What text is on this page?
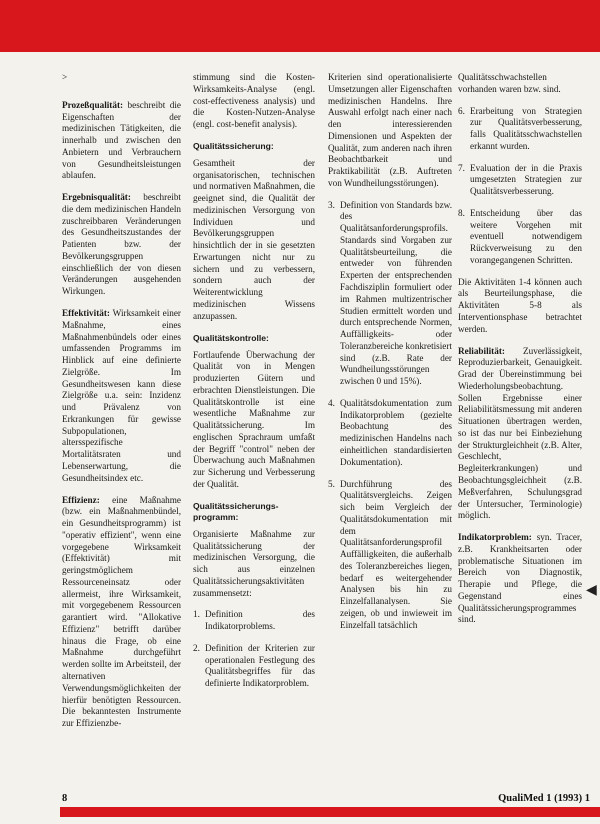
>

Prozeßqualität: beschreibt die Eigenschaften der medizinischen Tätigkeiten, die innerhalb und zwischen den Anbietern und Verbrauchern von Gesundheitsleistungen ablaufen.

Ergebnisqualität: beschreibt die dem medizinischen Handeln zuschreibbaren Veränderungen des Gesundheitszustandes der Patienten bzw. der Bevölkerungsgruppen einschließlich der von diesen Veränderungen ausgehenden Wirkungen.

Effektivität: Wirksamkeit einer Maßnahme, eines Maßnahmenbündels oder eines umfassenden Programms im Hinblick auf eine definierte Zielgröße. Im Gesundheitswesen kann diese Zielgröße u.a. sein: Inzidenz und Prävalenz von Erkrankungen für gewisse Subpopulationen, altersspezifische Mortalitätsraten und Lebenserwartung, die Gesundheitsindex etc.

Effizienz: eine Maßnahme (bzw. ein Maßnahmenbündel, ein Gesundheitsprogramm) ist "operativ effizient", wenn eine vorgegebene Wirksamkeit (Effektivität) mit geringstmöglichem Ressourceneinsatz oder allermeist, ihre Wirksamkeit, mit vorgegebenem Ressourcen garantiert wird. "Allokative Effizienz" betrifft darüber hinaus die Frage, ob eine Maßnahme durchgeführt werden sollte im Arbeitsteil, der alternativen Verwendungsmöglichkeiten der hierfür benötigten Ressourcen. Die bekanntesten Instrumente zur Effizienzbe-

stimmung sind die Kosten-Wirksamkeits-Analyse (engl. cost-effectiveness analysis) und die Kosten-Nutzen-Analyse (engl. cost-benefit analysis).

Qualitätssicherung:

Gesamtheit der organisatorischen, technischen und normativen Maßnahmen, die geeignet sind, die Qualität der medizinischen Versorgung von Individuen und Bevölkerungsgruppen hinsichtlich der in sie gesetzten Erwartungen nicht nur zu sichern und zu verbessern, sondern auch der Weiterentwicklung medizinischen Wissens anzupassen.

Qualitätskontrolle:

Fortlaufende Überwachung der Qualität von in Mengen produzierten Gütern und erbrachten Dienstleistungen. Die Qualitätskontrolle ist eine wesentliche Maßnahme zur Qualitätssicherung. Im englischen Sprachraum umfaßt der Begriff "control" neben der Überwachung auch Maßnahmen zur Sicherung und Verbesserung der Qualität.

Qualitätssicherungs-programm:

Organisierte Maßnahme zur Qualitätssicherung der medizinischen Versorgung, die sich aus einzelnen Qualitätssicherungsaktivitäten zusammensetzt:

1. Definition des Indikatorproblems.
2. Definition der Kriterien zur operationalen Festlegung des Qualitätsbegriffes für das definierte Indikatorproblem.

Kriterien sind operationalisierte Umsetzungen aller Eigenschaften medizinischen Handelns. Ihre Auswahl erfolgt nach einer nach den interessierenden Dimensionen und Aspekten der Qualität, zum anderen nach ihren Beobachtbarkeit und Praktikabilität (z.B. Auftreten von Wundheilungsstörungen).

3. Definition von Standards bzw. des Qualitätsanforderungsprofils. Standards sind Vorgaben zur Qualitätsbeurteilung, die entweder von führenden Experten der entsprechenden Fachdisziplin formuliert oder im Rahmen multizentrischer Studien ermittelt worden und durch entsprechende Normen, Auffälligkeits- oder Toleranzbereiche konkretisiert sind (z.B. Rate der Wundheilungsstörungen zwischen 0 und 15%).
4. Qualitätsdokumentation zum Indikatorproblem (gezielte Beobachtung des medizinischen Handelns nach einheitlichen standardisierten Dokumentation).
5. Durchführung des Qualitätsvergleichs. Zeigen sich beim Vergleich der Qualitätsdokumentation mit dem Qualitätsanforderungsprofil Auffälligkeiten, die außerhalb des Toleranzbereiches liegen, bedarf es weitergehender Analysen bis hin zu Einzelfallanalysen. Sie zeigen, ob und inwieweit im Einzelfall tatsächlich

Qualitätsschwachstellen vorhanden waren bzw. sind.

6. Erarbeitung von Strategien zur Qualitätsverbesserung, falls Qualitätsschwachstellen erkannt wurden.
7. Evaluation der in die Praxis umgesetzten Strategien zur Qualitätsverbesserung.
8. Entscheidung über das weitere Vorgehen mit eventuell notwendigem Rückverweisung zu den vorangegangenen Schritten.

Die Aktivitäten 1-4 können auch als Beurteilungsphase, die Aktivitäten 5-8 als Interventionsphase betrachtet werden.

Reliabilität: Zuverlässigkeit, Reproduzierbarkeit, Genauigkeit. Grad der Übereinstimmung bei Wiederholungsbeobachtung. Sollen Ergebnisse einer Reliabilitätsmessung mit anderen Situationen übertragen werden, so ist das nur bei Einbeziehung der Strukturgleichheit (z.B. Alter, Geschlecht, Begleiterkrankungen) und Beobachtungsgleichheit (z.B. Meßverfahren, Schulungsgrad der Untersucher, Terminologie) möglich.

Indikatorproblem: syn. Tracer, z.B. Krankheitsarten oder problematische Situationen im Bereich von Diagnostik, Therapie und Pflege, die Gegenstand eines Qualitätssicherungsprogrammes sind.

◀
8	QualiMed 1 (1993) 1
